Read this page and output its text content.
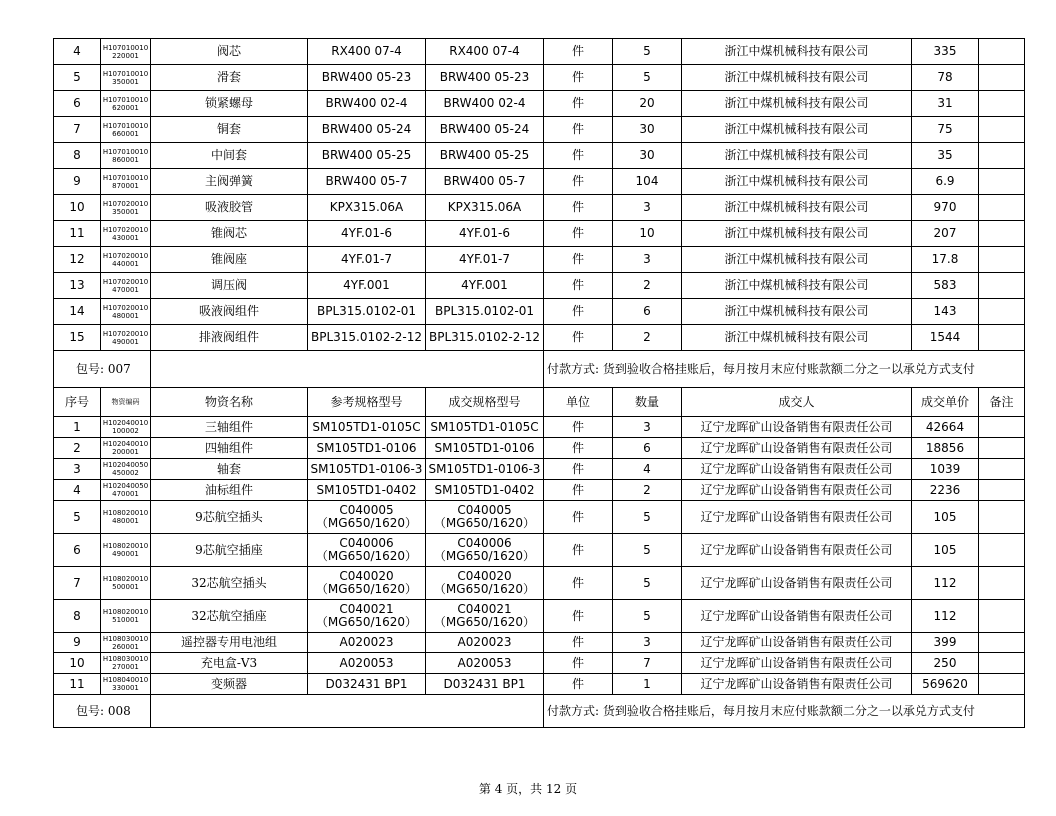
4	H107010010220001	阀芯	RX400 07-4	RX400 07-4	件	5	浙江中煤机械科技有限公司	335	
5	H107010010350001	滑套	BRW400 05-23	BRW400 05-23	件	5	浙江中煤机械科技有限公司	78	
6	H107010010620001	锁紧螺母	BRW400 02-4	BRW400 02-4	件	20	浙江中煤机械科技有限公司	31	
7	H107010010660001	铜套	BRW400 05-24	BRW400 05-24	件	30	浙江中煤机械科技有限公司	75	
8	H107010010860001	中间套	BRW400 05-25	BRW400 05-25	件	30	浙江中煤机械科技有限公司	35	
9	H107010010870001	主阀弹簧	BRW400 05-7	BRW400 05-7	件	104	浙江中煤机械科技有限公司	6.9	
10	H107020010350001	吸液胶管	KPX315.06A	KPX315.06A	件	3	浙江中煤机械科技有限公司	970	
11	H107020010430001	锥阀芯	4YF.01-6	4YF.01-6	件	10	浙江中煤机械科技有限公司	207	
12	H107020010440001	锥阀座	4YF.01-7	4YF.01-7	件	3	浙江中煤机械科技有限公司	17.8	
13	H107020010470001	调压阀	4YF.001	4YF.001	件	2	浙江中煤机械科技有限公司	583	
14	H107020010480001	吸液阀组件	BPL315.0102-01	BPL315.0102-01	件	6	浙江中煤机械科技有限公司	143	
15	H107020010490001	排液阀组件	BPL315.0102-2-12	BPL315.0102-2-12	件	2	浙江中煤机械科技有限公司	1544	
包号: 007					付款方式: 货到验收合格挂账后，每月按月末应付账款额二分之一以承兑方式支付				
序号	物资编码	物资名称	参考规格型号	成交规格型号	单位	数量	成交人	成交单价	备注
1	H102040010100002	三轴组件	SM105TD1-0105C	SM105TD1-0105C	件	3	辽宁龙晖矿山设备销售有限责任公司	42664	
2	H102040010200001	四轴组件	SM105TD1-0106	SM105TD1-0106	件	6	辽宁龙晖矿山设备销售有限责任公司	18856	
3	H102040050450002	轴套	SM105TD1-0106-3	SM105TD1-0106-3	件	4	辽宁龙晖矿山设备销售有限责任公司	1039	
4	H102040050470001	油标组件	SM105TD1-0402	SM105TD1-0402	件	2	辽宁龙晖矿山设备销售有限责任公司	2236	
5	H108020010480001	9芯航空插头	C040005（MG650/1620）	C040005（MG650/1620）	件	5	辽宁龙晖矿山设备销售有限责任公司	105	
6	H108020010490001	9芯航空插座	C040006（MG650/1620）	C040006（MG650/1620）	件	5	辽宁龙晖矿山设备销售有限责任公司	105	
7	H108020010500001	32芯航空插头	C040020（MG650/1620）	C040020（MG650/1620）	件	5	辽宁龙晖矿山设备销售有限责任公司	112	
8	H108020010510001	32芯航空插座	C040021（MG650/1620）	C040021（MG650/1620）	件	5	辽宁龙晖矿山设备销售有限责任公司	112	
9	H108030010260001	遥控器专用电池组	A020023	A020023	件	3	辽宁龙晖矿山设备销售有限责任公司	399	
10	H108030010270001	充电盒-V3	A020053	A020053	件	7	辽宁龙晖矿山设备销售有限责任公司	250	
11	H108040010330001	变频器	D032431 BP1	D032431 BP1	件	1	辽宁龙晖矿山设备销售有限责任公司	569620	
包号: 008					付款方式: 货到验收合格挂账后，每月按月末应付账款额二分之一以承兑方式支付				
第 4 页，共 12 页
